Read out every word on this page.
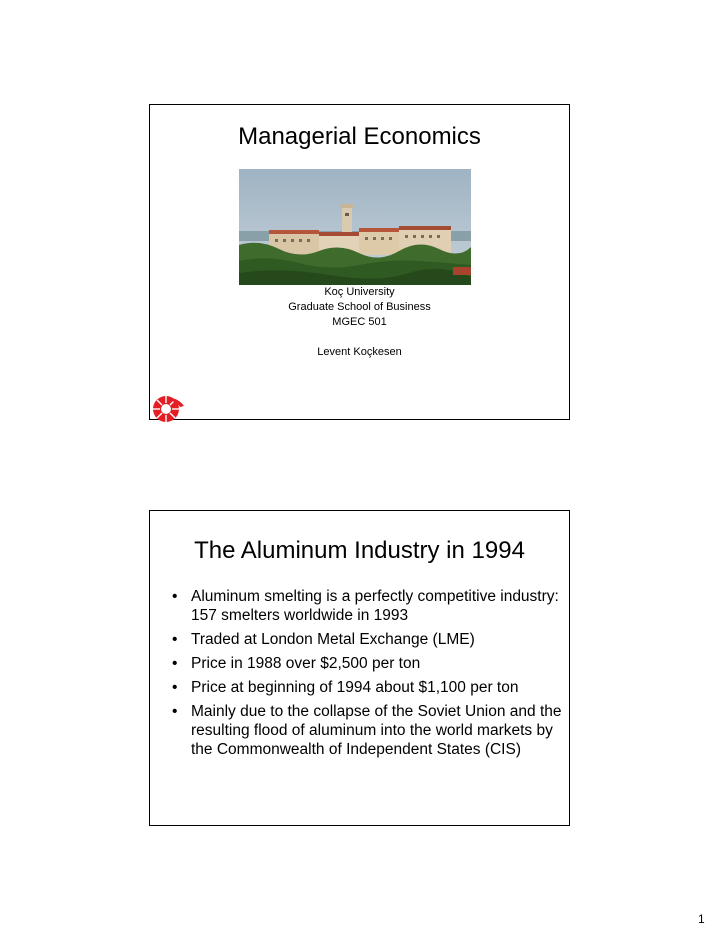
Managerial Economics
Koç University
Graduate School of Business
MGEC 501
Levent Koçkesen
The Aluminum Industry in 1994
• Aluminum smelting is a perfectly competitive industry: 157 smelters worldwide in 1993
• Traded at London Metal Exchange (LME)
• Price in 1988 over $2,500 per ton
• Price at beginning of 1994 about $1,100 per ton
• Mainly due to the collapse of the Soviet Union and the resulting flood of aluminum into the world markets by the Commonwealth of Independent States (CIS)
1
